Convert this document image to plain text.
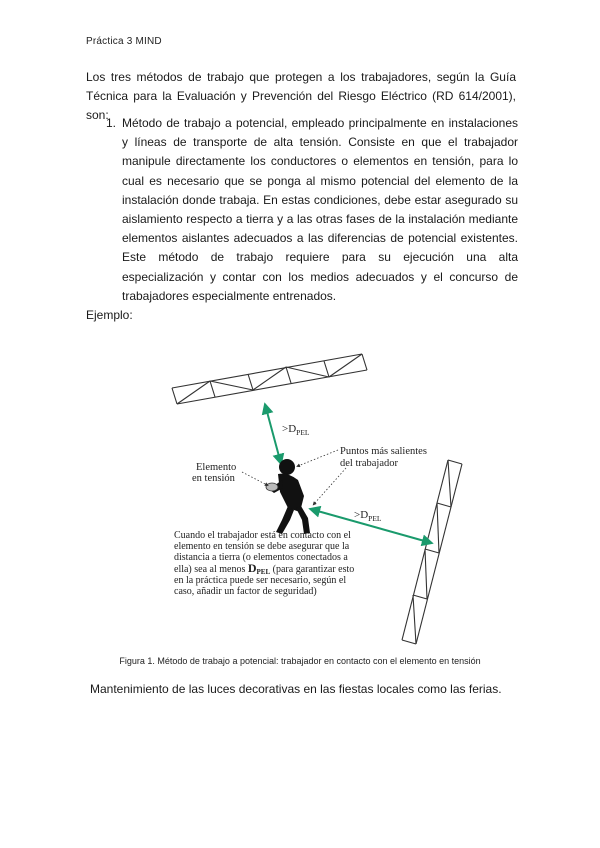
Práctica 3 MIND

Los tres métodos de trabajo que protegen a los trabajadores, según la Guía Técnica para la Evaluación y Prevención del Riesgo Eléctrico (RD 614/2001), son:

1. Método de trabajo a potencial, empleado principalmente en instalaciones y líneas de transporte de alta tensión. Consiste en que el trabajador manipule directamente los conductores o elementos en tensión, para lo cual es necesario que se ponga al mismo potencial del elemento de la instalación donde trabaja. En estas condiciones, debe estar asegurado su aislamiento respecto a tierra y a las otras fases de la instalación mediante elementos aislantes adecuados a las diferencias de potencial existentes. Este método de trabajo requiere para su ejecución una alta especialización y contar con los medios adecuados y el concurso de trabajadores especialmente entrenados.

Ejemplo:
$>D_{PEL}$
$>D_{PEL}$
Puntos más salientes
del trabajador
Elemento
en tensión
Cuando el trabajador está en contacto con el
elemento en tensión se debe asegurar que la
distancia a tierra (o elementos conectados a
ella) sea al menos $D_{PEL}$ (para garantizar esto
en la práctica puede ser necesario, según el
caso, añadir un factor de seguridad)
Figura 1. Método de trabajo a potencial: trabajador en contacto con el elemento en tensión
Mantenimiento de las luces decorativas en las fiestas locales como las ferias.
